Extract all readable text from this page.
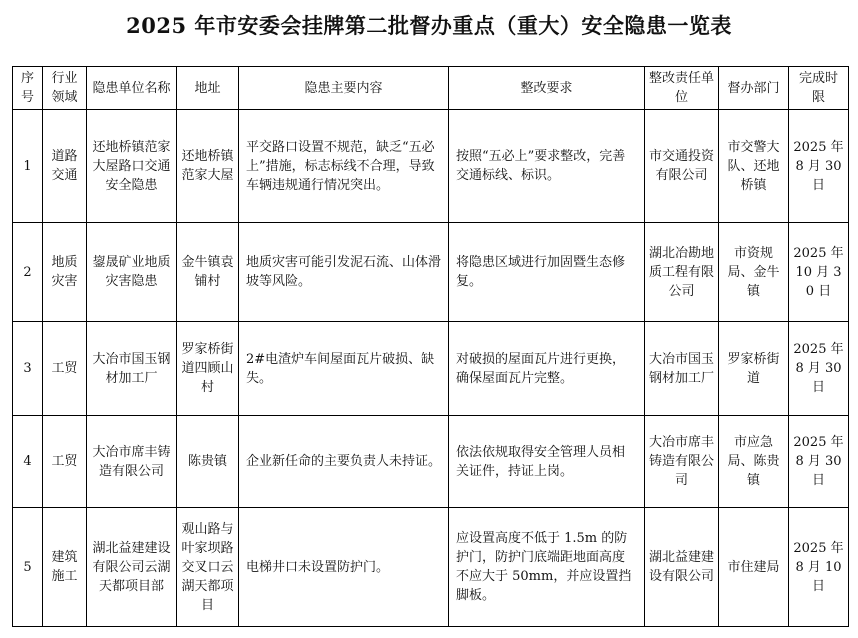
2025 年市安委会挂牌第二批督办重点（重大）安全隐患一览表
序号	行业领域	隐患单位名称	地址	隐患主要内容	整改要求	整改责任单位	督办部门	完成时限
1	道路交通	还地桥镇范家大屋路口交通安全隐患	还地桥镇范家大屋	平交路口设置不规范，缺乏“五必上”措施，标志标线不合理，导致车辆违规通行情况突出。	按照“五必上”要求整改，完善交通标线、标识。	市交通投资有限公司	市交警大队、还地桥镇	2025 年 8 月 30 日
2	地质灾害	鋆晟矿业地质灾害隐患	金牛镇袁铺村	地质灾害可能引发泥石流、山体滑坡等风险。	将隐患区域进行加固暨生态修复。	湖北冶勘地质工程有限公司	市资规局、金牛镇	2025 年 10 月 30 日
3	工贸	大冶市国玉钢材加工厂	罗家桥街道四顾山村	2#电渣炉车间屋面瓦片破损、缺失。	对破损的屋面瓦片进行更换，确保屋面瓦片完整。	大冶市国玉钢材加工厂	罗家桥街道	2025 年 8 月 30 日
4	工贸	大冶市席丰铸造有限公司	陈贵镇	企业新任命的主要负责人未持证。	依法依规取得安全管理人员相关证件，持证上岗。	大冶市席丰铸造有限公司	市应急局、陈贵镇	2025 年 8 月 30 日
5	建筑施工	湖北益建建设有限公司云湖天都项目部	观山路与叶家坝路交叉口云湖天都项目	电梯井口未设置防护门。	应设置高度不低于 1.5m 的防护门，防护门底端距地面高度不应大于 50mm，并应设置挡脚板。	湖北益建建设有限公司	市住建局	2025 年 8 月 10 日
